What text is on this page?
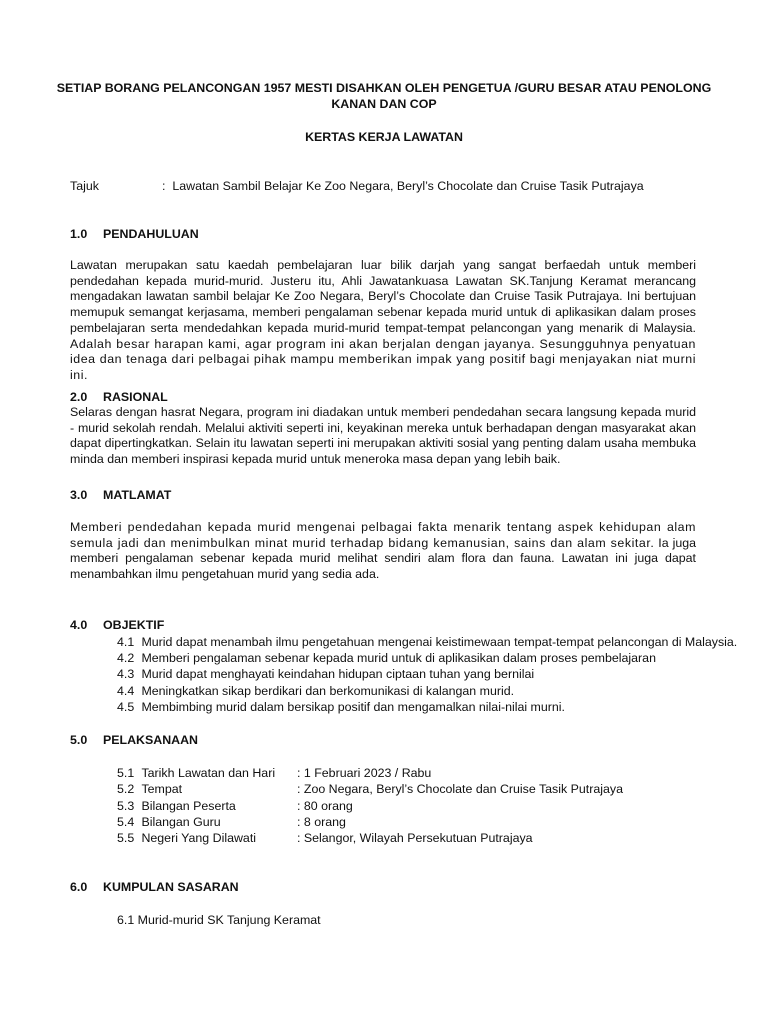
SETIAP BORANG PELANCONGAN 1957 MESTI DISAHKAN OLEH PENGETUA /GURU BESAR ATAU PENOLONG
KANAN DAN COP
KERTAS KERJA LAWATAN
Tajuk	: Lawatan Sambil Belajar Ke Zoo Negara, Beryl’s Chocolate dan Cruise Tasik Putrajaya
1.0 PENDAHULUAN

Lawatan merupakan satu kaedah pembelajaran luar bilik darjah yang sangat berfaedah untuk memberi pendedahan kepada murid-murid. Justeru itu, Ahli Jawatankuasa Lawatan SK.Tanjung Keramat merancang mengadakan lawatan sambil belajar Ke Zoo Negara, Beryl’s Chocolate dan Cruise Tasik Putrajaya. Ini bertujuan memupuk semangat kerjasama, memberi pengalaman sebenar kepada murid untuk di aplikasikan dalam proses pembelajaran serta mendedahkan kepada murid-murid tempat-tempat pelancongan yang menarik di Malaysia. Adalah besar harapan kami, agar program ini akan berjalan dengan jayanya. Sesungguhnya penyatuan idea dan tenaga dari pelbagai pihak mampu memberikan impak yang positif bagi menjayakan niat murni ini.

2.0 RASIONAL
Selaras dengan hasrat Negara, program ini diadakan untuk memberi pendedahan secara langsung kepada murid - murid sekolah rendah. Melalui aktiviti seperti ini, keyakinan mereka untuk berhadapan dengan masyarakat akan dapat dipertingkatkan. Selain itu lawatan seperti ini merupakan aktiviti sosial yang penting dalam usaha membuka minda dan memberi inspirasi kepada murid untuk meneroka masa depan yang lebih baik.
3.0 MATLAMAT

Memberi pendedahan kepada murid mengenai pelbagai fakta menarik tentang aspek kehidupan alam semula jadi dan menimbulkan minat murid terhadap bidang kemanusian, sains dan alam sekitar. Ia juga memberi pengalaman sebenar kepada murid melihat sendiri alam flora dan fauna. Lawatan ini juga dapat menambahkan ilmu pengetahuan murid yang sedia ada.

4.0 OBJEKTIF
4.1 Murid dapat menambah ilmu pengetahuan mengenai keistimewaan tempat-tempat pelancongan di Malaysia.
4.2 Memberi pengalaman sebenar kepada murid untuk di aplikasikan dalam proses pembelajaran
4.3 Murid dapat menghayati keindahan hidupan ciptaan tuhan yang bernilai
4.4 Meningkatkan sikap berdikari dan berkomunikasi di kalangan murid.
4.5 Membimbing murid dalam bersikap positif dan mengamalkan nilai-nilai murni.
5.0 PELAKSANAAN
5.1 Tarikh Lawatan dan Hari	: 1 Februari 2023 / Rabu
5.2 Tempat	: Zoo Negara, Beryl’s Chocolate dan Cruise Tasik Putrajaya
5.3 Bilangan Peserta	: 80 orang
5.4 Bilangan Guru	: 8 orang
5.5 Negeri Yang Dilawati	: Selangor, Wilayah Persekutuan Putrajaya
6.0 KUMPULAN SASARAN
6.1 Murid-murid SK Tanjung Keramat
